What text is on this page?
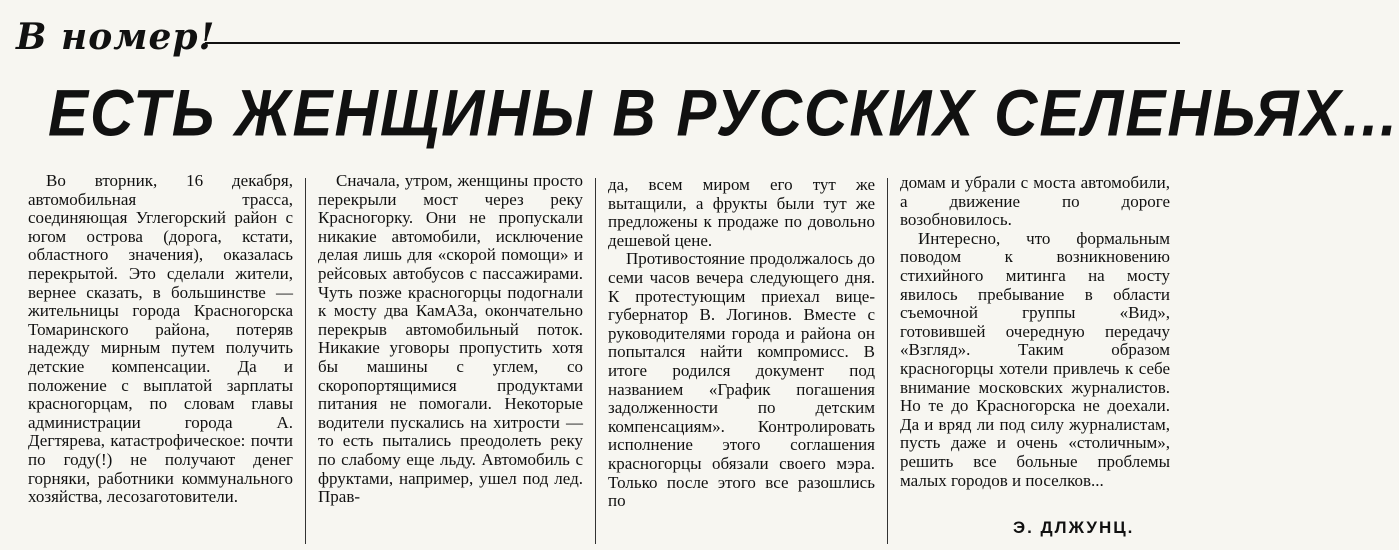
В номер!
ЕСТЬ ЖЕНЩИНЫ В РУССКИХ СЕЛЕНЬЯХ...

Во вторник, 16 декабря, автомобильная трасса, соединяющая Углегорский район с югом острова (дорога, кстати, областного значения), оказалась перекрытой. Это сделали жители, вернее сказать, в большинстве — жительницы города Красногорска Томаринского района, потеряв надежду мирным путем получить детские компенсации. Да и положение с выплатой зарплаты красногорцам, по словам главы администрации города А. Дегтярева, катастрофическое: почти по году(!) не получают денег горняки, работники коммунального хозяйства, лесозаготовители.

Сначала, утром, женщины просто перекрыли мост через реку Красногорку. Они не пропускали никакие автомобили, исключение делая лишь для «скорой помощи» и рейсовых автобусов с пассажирами. Чуть позже красногорцы подогнали к мосту два КамАЗа, окончательно перекрыв автомобильный поток. Никакие уговоры пропустить хотя бы машины с углем, со скоропортящимися продуктами питания не помогали. Некоторые водители пускались на хитрости — то есть пытались преодолеть реку по слабому еще льду. Автомобиль с фруктами, например, ушел под лед. Прав-

да, всем миром его тут же вытащили, а фрукты были тут же предложены к продаже по довольно дешевой цене.

Противостояние продолжалось до семи часов вечера следующего дня. К протестующим приехал вице-губернатор В. Логинов. Вместе с руководителями города и района он попытался найти компромисс. В итоге родился документ под названием «График погашения задолженности по детским компенсациям». Контролировать исполнение этого соглашения красногорцы обязали своего мэра. Только после этого все разошлись по

домам и убрали с моста автомобили, а движение по дороге возобновилось.

Интересно, что формальным поводом к возникновению стихийного митинга на мосту явилось пребывание в области съемочной группы «Вид», готовившей очередную передачу «Взгляд». Таким образом красногорцы хотели привлечь к себе внимание московских журналистов. Но те до Красногорска не доехали. Да и вряд ли под силу журналистам, пусть даже и очень «столичным», решить все больные проблемы малых городов и поселков...

Э. ДЛЖУНЦ.
